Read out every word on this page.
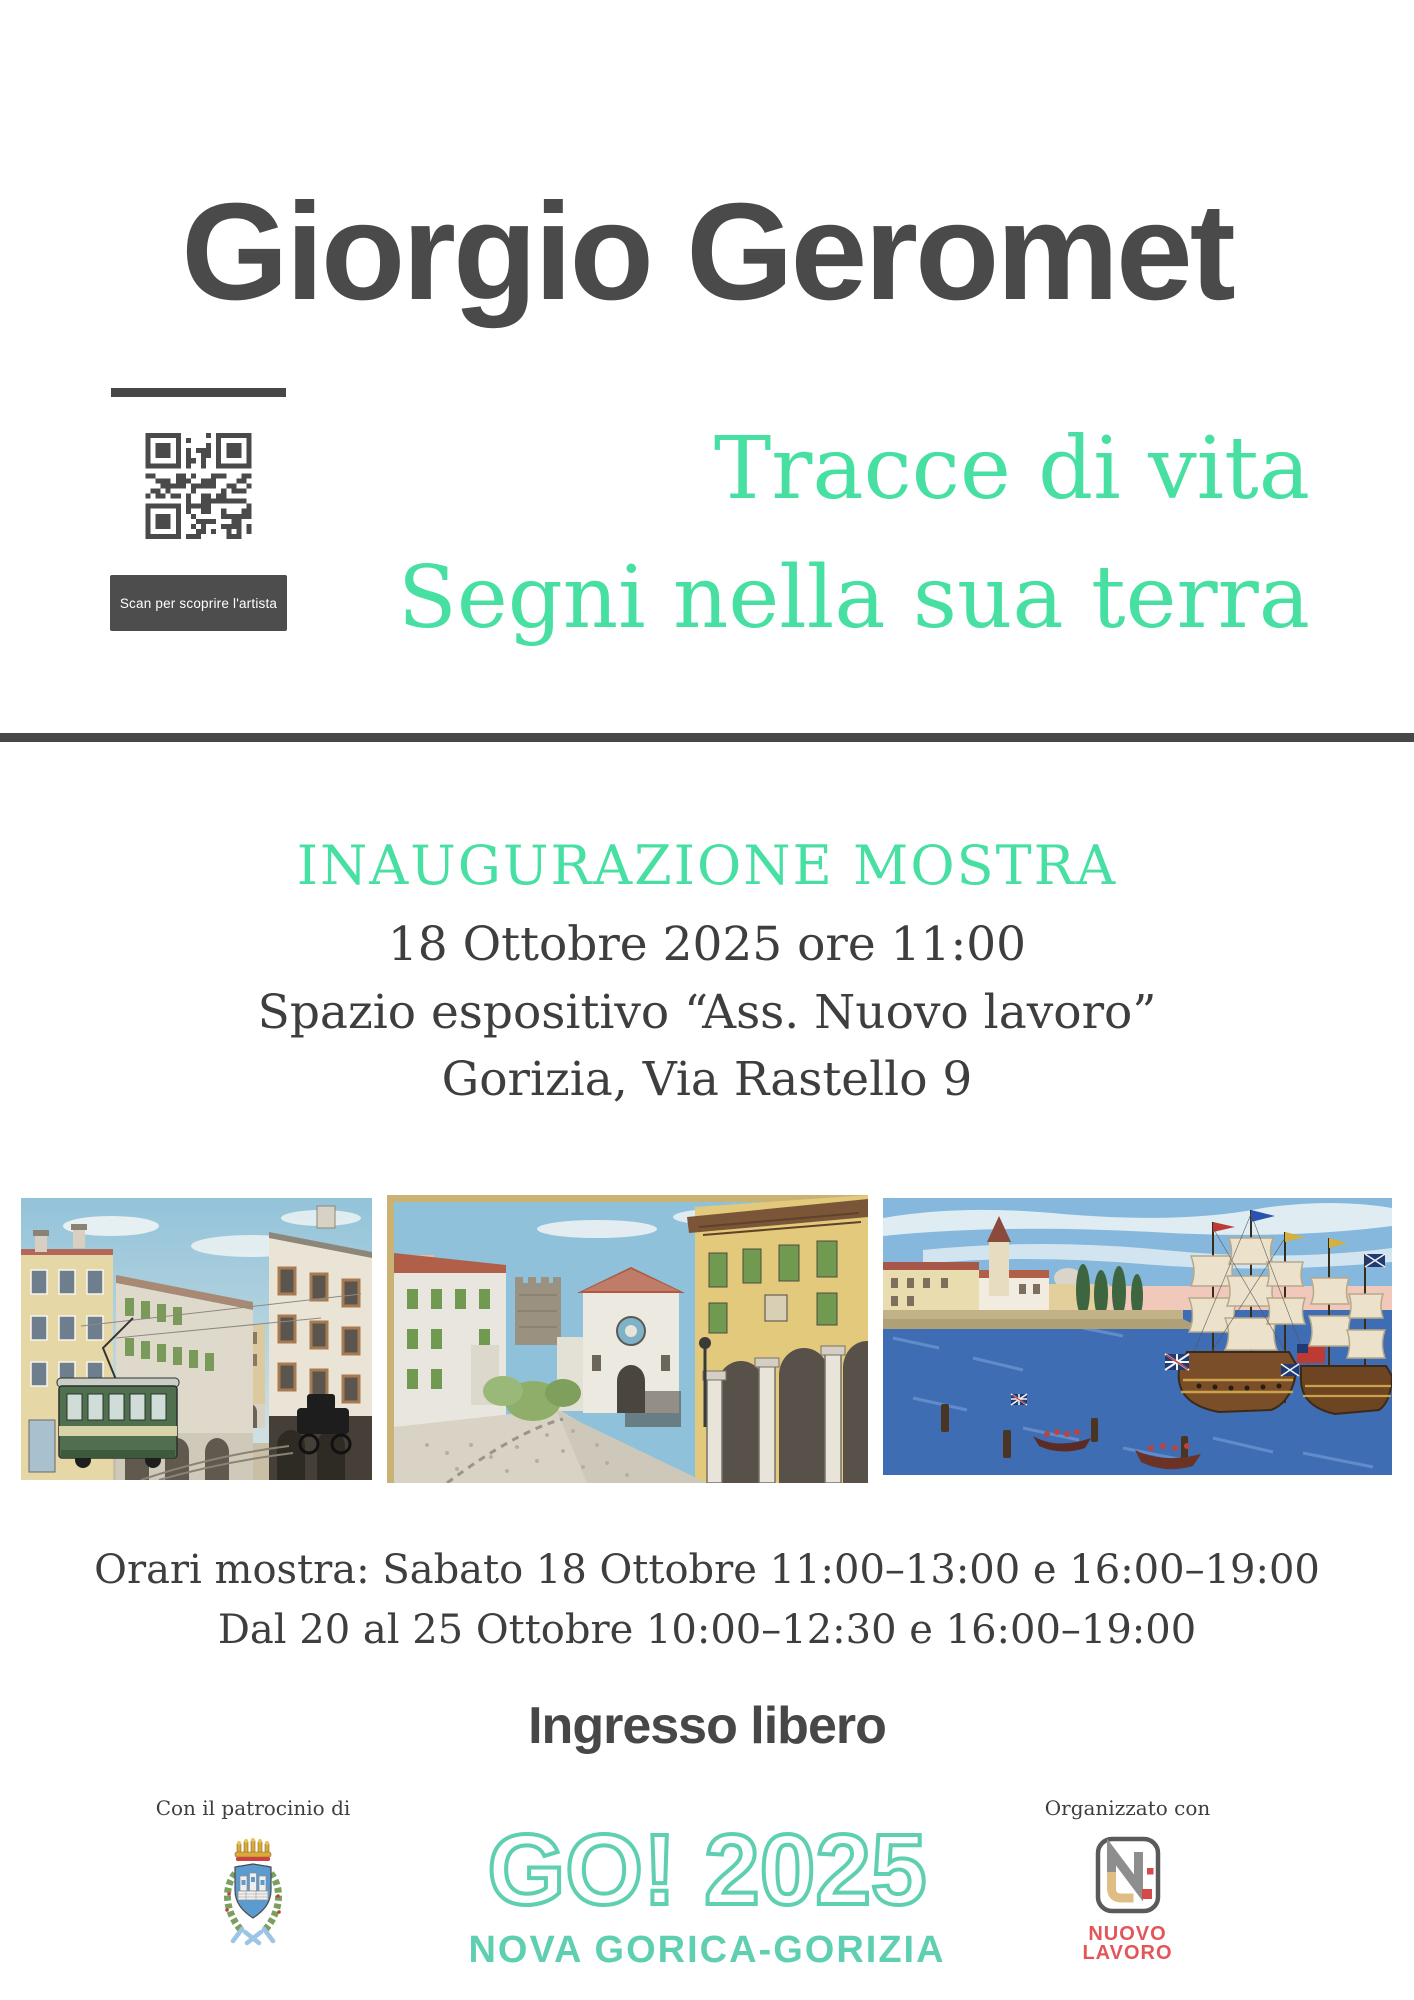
Giorgio Geromet
Scan per scoprire l'artista
Tracce di vita
Segni nella sua terra
INAUGURAZIONE MOSTRA
18 Ottobre 2025 ore 11:00
Spazio espositivo “Ass. Nuovo lavoro”
Gorizia, Via Rastello 9
Orari mostra: Sabato 18 Ottobre 11:00–13:00 e 16:00–19:00
Dal 20 al 25 Ottobre 10:00–12:30 e 16:00–19:00
Ingresso libero
Con il patrocinio di
GO! 2025
NOVA GORICA-GORIZIA
Organizzato con
NUOVO
LAVORO
